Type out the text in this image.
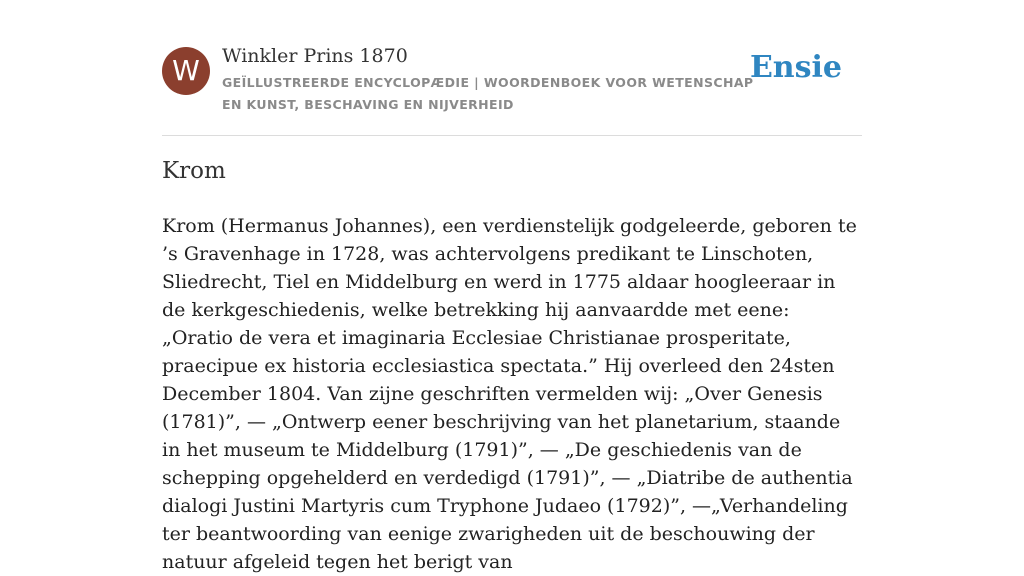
W	Winkler Prins 1870
GEÏLLUSTREERDE ENCYCLOPÆDIE | WOORDENBOEK VOOR WETENSCHAP EN KUNST, BESCHAVING EN NIJVERHEID
Ensie
Krom

Krom (Hermanus Johannes), een verdienstelijk godgeleerde, geboren te ’s Gravenhage in 1728, was achtervolgens predikant te Linschoten, Sliedrecht, Tiel en Middelburg en werd in 1775 aldaar hoogleeraar in de kerkgeschiedenis, welke betrekking hij aanvaardde met eene: „Oratio de vera et imaginaria Ecclesiae Christianae prosperitate, praecipue ex historia ecclesiastica spectata.” Hij overleed den 24sten December 1804. Van zijne geschriften vermelden wij: „Over Genesis (1781)”, — „Ontwerp eener beschrijving van het planetarium, staande in het museum te Middelburg (1791)”, — „De geschiedenis van de schepping opgehelderd en verdedigd (1791)”, — „Diatribe de authentia dialogi Justini Martyris cum Tryphone Judaeo (1792)”, —„Verhandeling ter beantwoording van eenige zwarigheden uit de beschouwing der natuur afgeleid tegen het berigt van
